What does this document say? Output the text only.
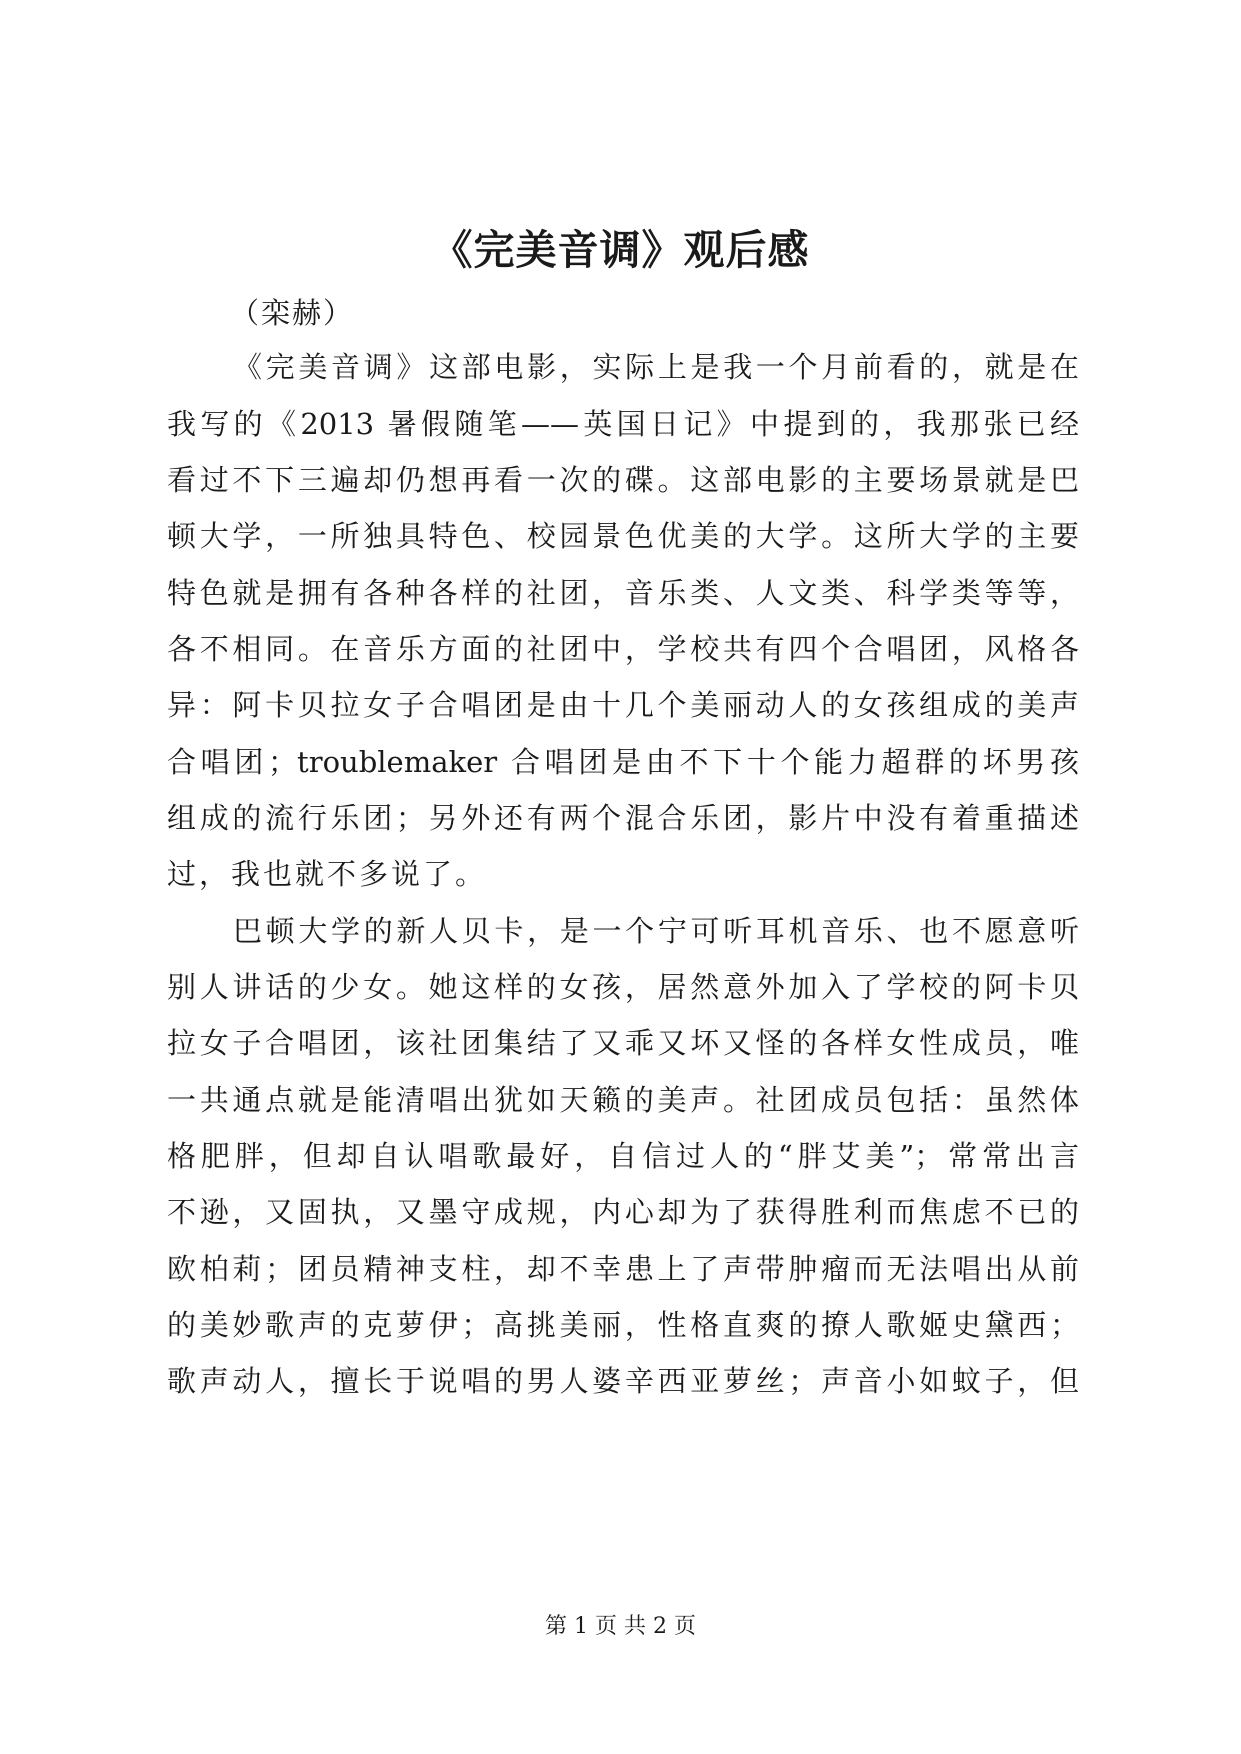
《完美音调》观后感

（栾赫）

《完美音调》这部电影，实际上是我一个月前看的，就是在

我写的《2013 暑假随笔——英国日记》中提到的，我那张已经

看过不下三遍却仍想再看一次的碟。这部电影的主要场景就是巴

顿大学，一所独具特色、校园景色优美的大学。这所大学的主要

特色就是拥有各种各样的社团，音乐类、人文类、科学类等等，

各不相同。在音乐方面的社团中，学校共有四个合唱团，风格各

异：阿卡贝拉女子合唱团是由十几个美丽动人的女孩组成的美声

合唱团；troublemaker 合唱团是由不下十个能力超群的坏男孩

组成的流行乐团；另外还有两个混合乐团，影片中没有着重描述

过，我也就不多说了。

巴顿大学的新人贝卡，是一个宁可听耳机音乐、也不愿意听

别人讲话的少女。她这样的女孩，居然意外加入了学校的阿卡贝

拉女子合唱团，该社团集结了又乖又坏又怪的各样女性成员，唯

一共通点就是能清唱出犹如天籁的美声。社团成员包括：虽然体

格肥胖，但却自认唱歌最好，自信过人的“胖艾美”；常常出言

不逊，又固执，又墨守成规，内心却为了获得胜利而焦虑不已的

欧柏莉；团员精神支柱，却不幸患上了声带肿瘤而无法唱出从前

的美妙歌声的克萝伊；高挑美丽，性格直爽的撩人歌姬史黛西；

歌声动人，擅长于说唱的男人婆辛西亚萝丝；声音小如蚊子，但

第 1 页 共 2 页
